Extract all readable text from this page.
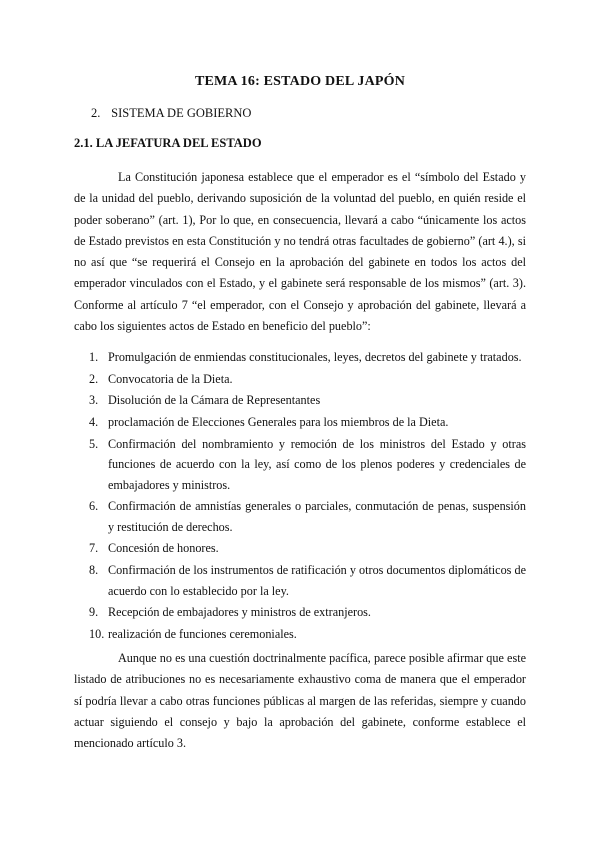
TEMA 16: ESTADO DEL JAPÓN
2. SISTEMA DE GOBIERNO
2.1. LA JEFATURA DEL ESTADO

La Constitución japonesa establece que el emperador es el “símbolo del Estado y de la unidad del pueblo, derivando suposición de la voluntad del pueblo, en quién reside el poder soberano” (art. 1), Por lo que, en consecuencia, llevará a cabo “únicamente los actos de Estado previstos en esta Constitución y no tendrá otras facultades de gobierno” (art 4.), si no así que “se requerirá el Consejo en la aprobación del gabinete en todos los actos del emperador vinculados con el Estado, y el gabinete será responsable de los mismos” (art. 3). Conforme al artículo 7 “el emperador, con el Consejo y aprobación del gabinete, llevará a cabo los siguientes actos de Estado en beneficio del pueblo”:

1. Promulgación de enmiendas constitucionales, leyes, decretos del gabinete y tratados.
2. Convocatoria de la Dieta.
3. Disolución de la Cámara de Representantes
4. proclamación de Elecciones Generales para los miembros de la Dieta.
5. Confirmación del nombramiento y remoción de los ministros del Estado y otras funciones de acuerdo con la ley, así como de los plenos poderes y credenciales de embajadores y ministros.
6. Confirmación de amnistías generales o parciales, conmutación de penas, suspensión y restitución de derechos.
7. Concesión de honores.
8. Confirmación de los instrumentos de ratificación y otros documentos diplomáticos de acuerdo con lo establecido por la ley.
9. Recepción de embajadores y ministros de extranjeros.
10. realización de funciones ceremoniales.

Aunque no es una cuestión doctrinalmente pacífica, parece posible afirmar que este listado de atribuciones no es necesariamente exhaustivo coma de manera que el emperador sí podría llevar a cabo otras funciones públicas al margen de las referidas, siempre y cuando actuar siguiendo el consejo y bajo la aprobación del gabinete, conforme establece el mencionado artículo 3.
